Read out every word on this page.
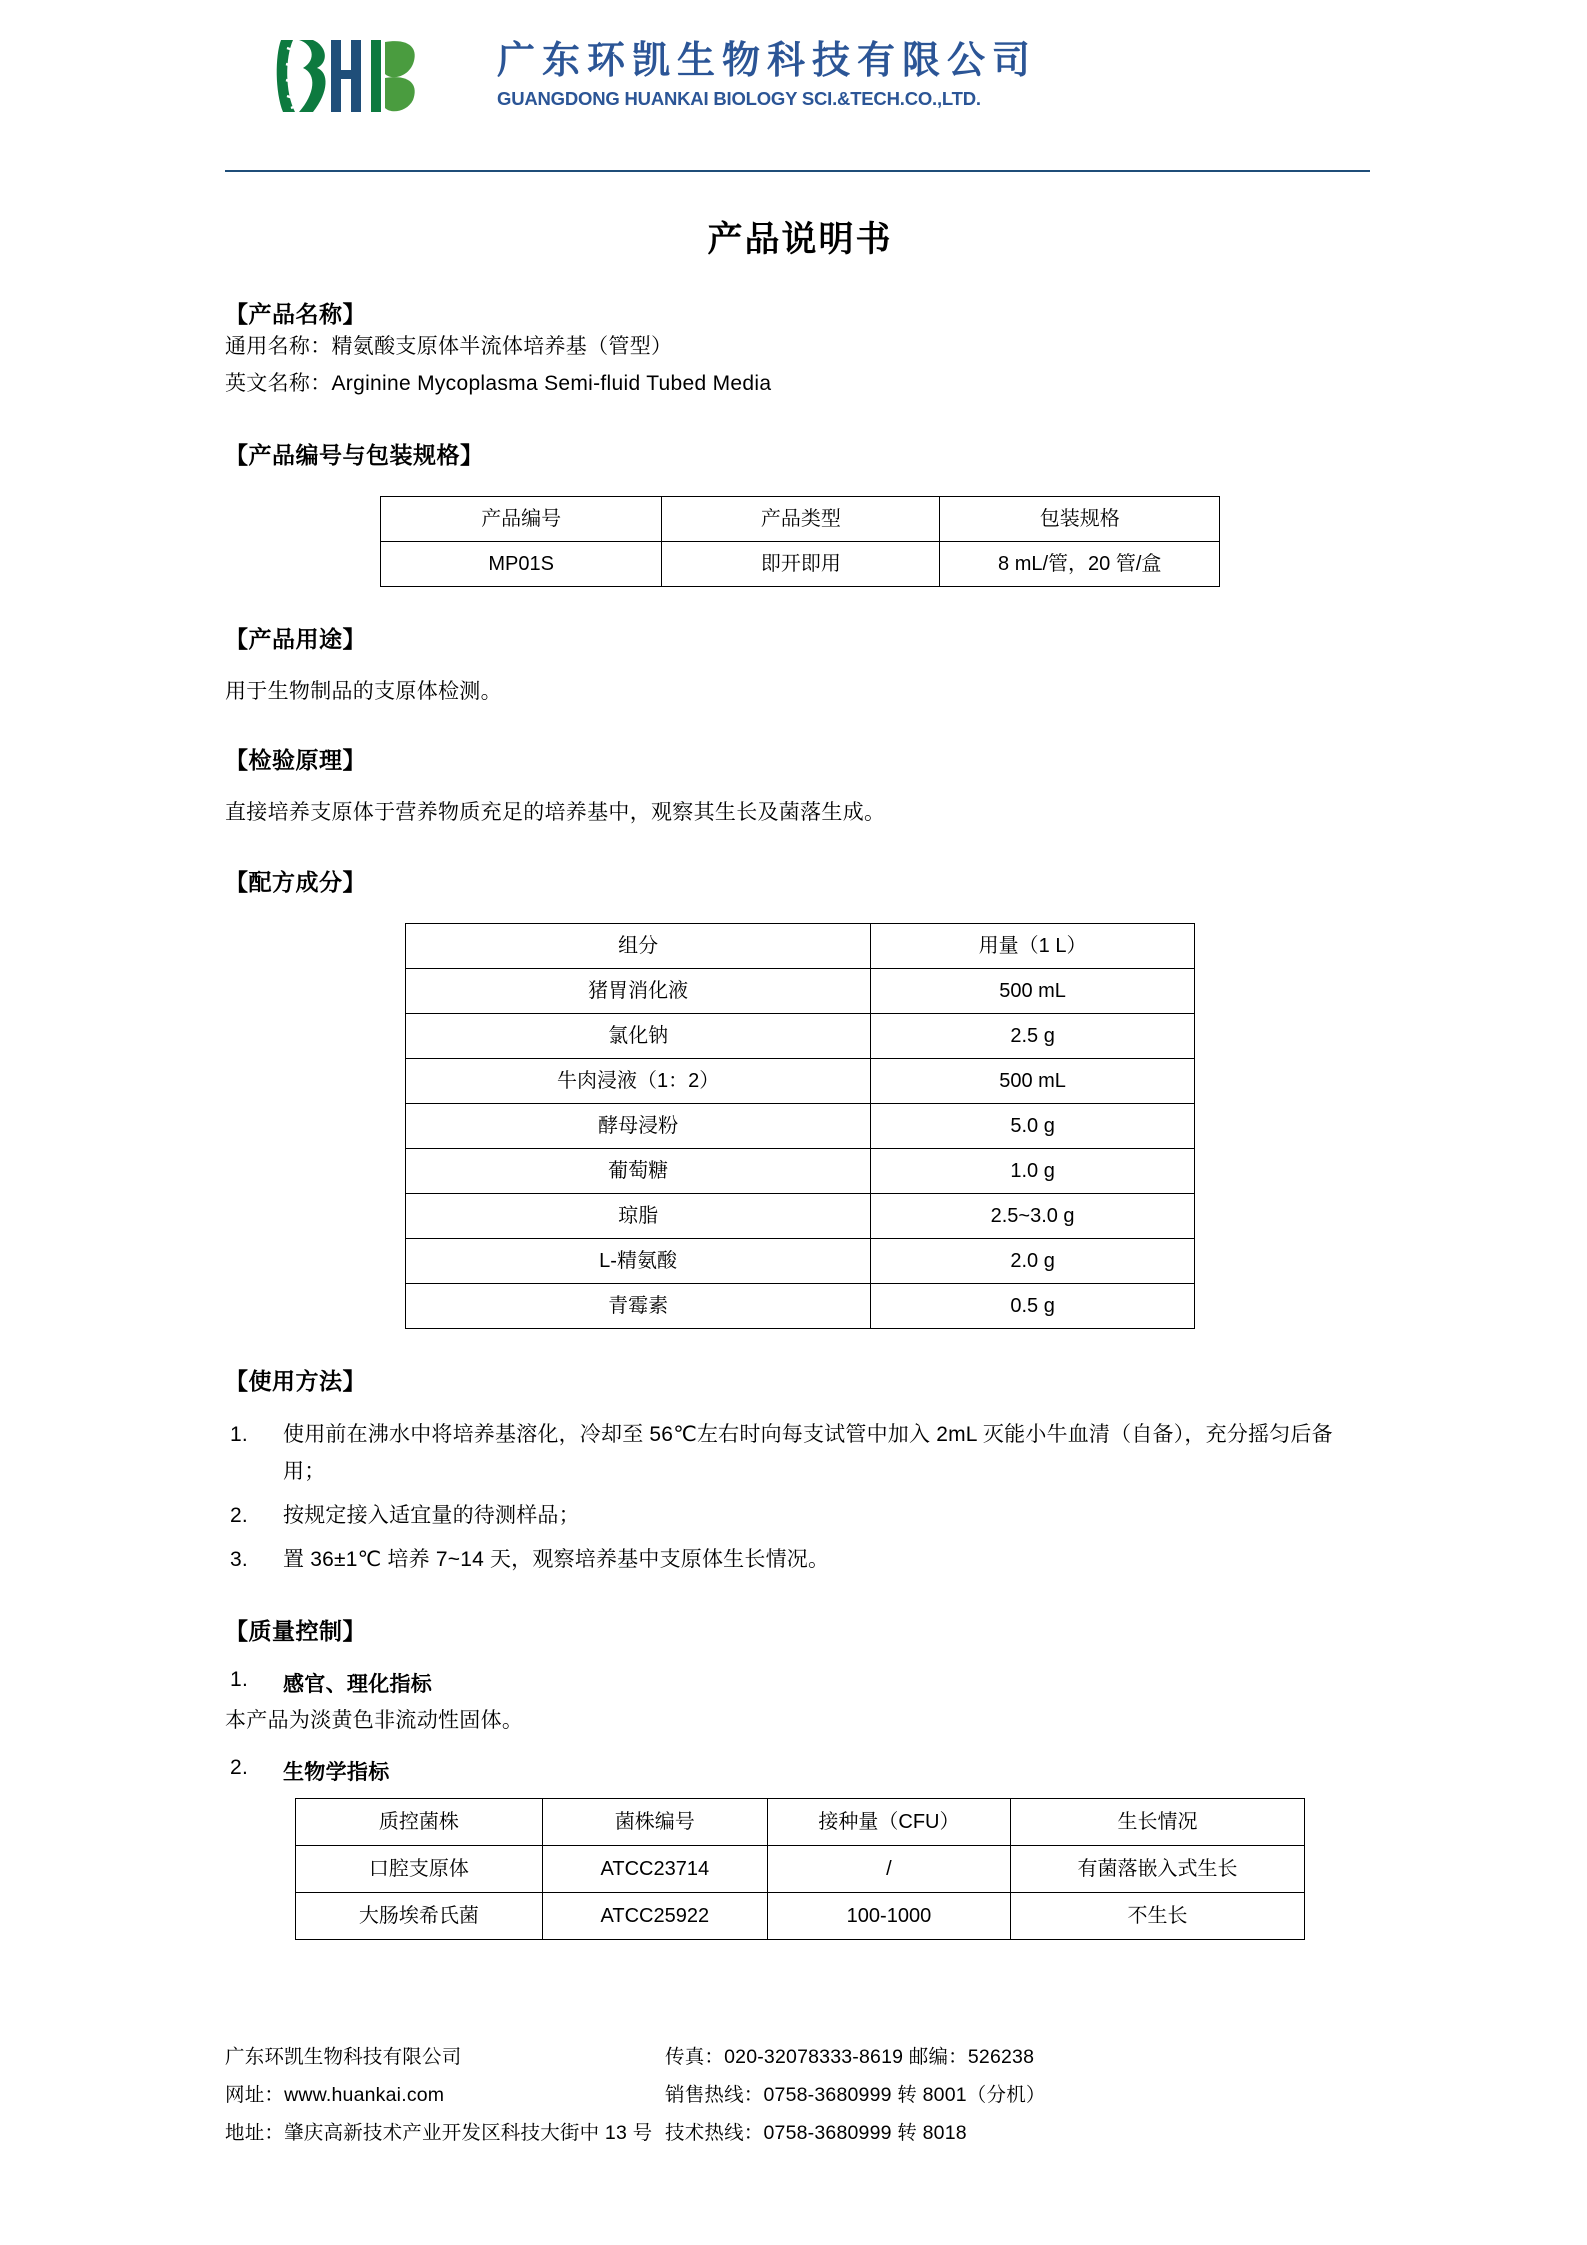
广东环凯生物科技有限公司
GUANGDONG HUANKAI BIOLOGY SCI.&TECH.CO.,LTD.
产品说明书
【产品名称】
通用名称：精氨酸支原体半流体培养基（管型）
英文名称：Arginine Mycoplasma Semi-fluid Tubed Media
【产品编号与包装规格】
产品编号	产品类型	包装规格
MP01S	即开即用	8 mL/管，20 管/盒
【产品用途】
用于生物制品的支原体检测。
【检验原理】
直接培养支原体于营养物质充足的培养基中，观察其生长及菌落生成。
【配方成分】
组分	用量（1 L）
猪胃消化液	500 mL
氯化钠	2.5 g
牛肉浸液（1：2）	500 mL
酵母浸粉	5.0 g
葡萄糖	1.0 g
琼脂	2.5~3.0 g
L-精氨酸	2.0 g
青霉素	0.5 g
【使用方法】
1.	使用前在沸水中将培养基溶化，冷却至 56℃左右时向每支试管中加入 2mL 灭能小牛血清（自备），充分摇匀后备用；
2.	按规定接入适宜量的待测样品；
3.	置 36±1℃ 培养 7~14 天，观察培养基中支原体生长情况。
【质量控制】
1.	感官、理化指标
本产品为淡黄色非流动性固体。
2.	生物学指标
质控菌株	菌株编号	接种量（CFU）	生长情况
口腔支原体	ATCC23714	/	有菌落嵌入式生长
大肠埃希氏菌	ATCC25922	100-1000	不生长
广东环凯生物科技有限公司
网址：www.huankai.com
地址：肇庆高新技术产业开发区科技大街中 13 号
传真：020-32078333-8619 邮编：526238
销售热线：0758-3680999 转 8001（分机）
技术热线：0758-3680999 转 8018
